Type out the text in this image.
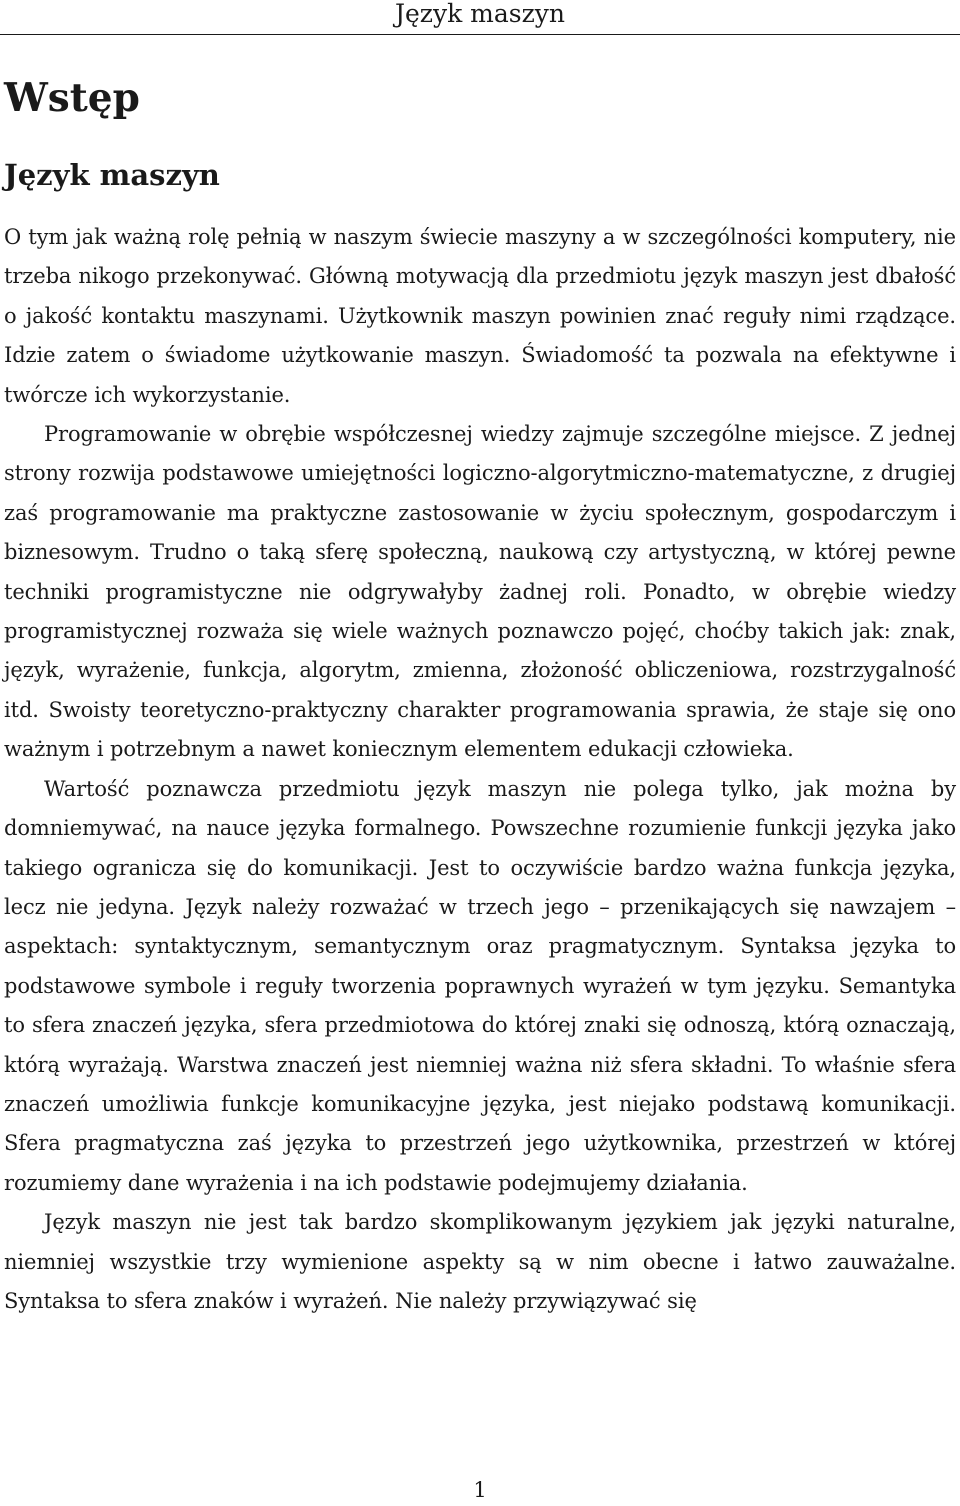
Język maszyn
Wstęp
Język maszyn

O tym jak ważną rolę pełnią w naszym świecie maszyny a w szczególności komputery, nie trzeba nikogo przekonywać. Główną motywacją dla przedmiotu język maszyn jest dbałość o jakość kontaktu maszynami. Użytkownik maszyn powinien znać reguły nimi rządzące. Idzie zatem o świadome użytkowanie maszyn. Świadomość ta pozwala na efektywne i twórcze ich wykorzystanie.

Programowanie w obrębie współczesnej wiedzy zajmuje szczególne miejsce. Z jednej strony rozwija podstawowe umiejętności logiczno-algorytmiczno-matematyczne, z drugiej zaś programowanie ma praktyczne zastosowanie w życiu społecznym, gospodarczym i biznesowym. Trudno o taką sferę społeczną, naukową czy artystyczną, w której pewne techniki programistyczne nie odgrywałyby żadnej roli. Ponadto, w obrębie wiedzy programistycznej rozważa się wiele ważnych poznawczo pojęć, choćby takich jak: znak, język, wyrażenie, funkcja, algorytm, zmienna, złożoność obliczeniowa, rozstrzygalność itd. Swoisty teoretyczno-praktyczny charakter programowania sprawia, że staje się ono ważnym i potrzebnym a nawet koniecznym elementem edukacji człowieka.

Wartość poznawcza przedmiotu język maszyn nie polega tylko, jak można by domniemywać, na nauce języka formalnego. Powszechne rozumienie funkcji języka jako takiego ogranicza się do komunikacji. Jest to oczywiście bardzo ważna funkcja języka, lecz nie jedyna. Język należy rozważać w trzech jego – przenikających się nawzajem – aspektach: syntaktycznym, semantycznym oraz pragmatycznym. Syntaksa języka to podstawowe symbole i reguły tworzenia poprawnych wyrażeń w tym języku. Semantyka to sfera znaczeń języka, sfera przedmiotowa do której znaki się odnoszą, którą oznaczają, którą wyrażają. Warstwa znaczeń jest niemniej ważna niż sfera składni. To właśnie sfera znaczeń umożliwia funkcje komunikacyjne języka, jest niejako podstawą komunikacji. Sfera pragmatyczna zaś języka to przestrzeń jego użytkownika, przestrzeń w której rozumiemy dane wyrażenia i na ich podstawie podejmujemy działania.

Język maszyn nie jest tak bardzo skomplikowanym językiem jak języki naturalne, niemniej wszystkie trzy wymienione aspekty są w nim obecne i łatwo zauważalne. Syntaksa to sfera znaków i wyrażeń. Nie należy przywiązywać się

1
